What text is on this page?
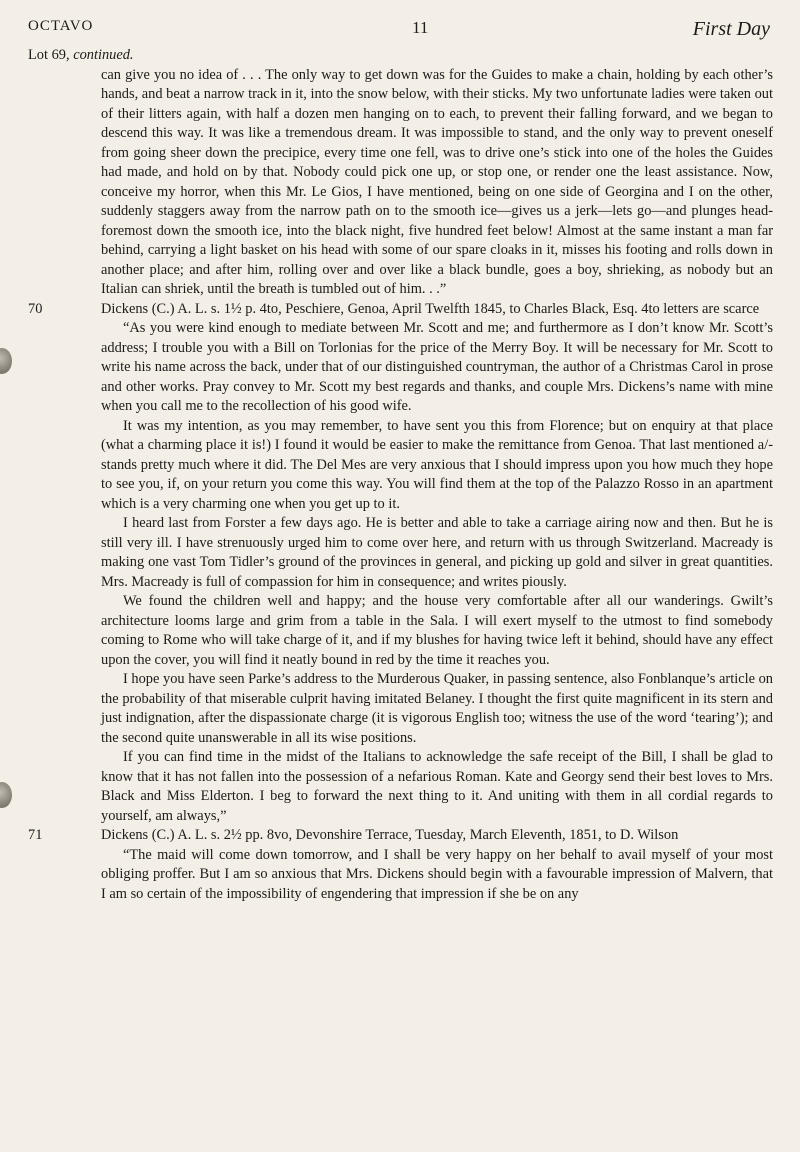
OCTAVO	11	First Day
Lot 69, continued.
can give you no idea of . . . The only way to get down was for the Guides to make a chain, holding by each other’s hands, and beat a narrow track in it, into the snow below, with their sticks. My two unfortunate ladies were taken out of their litters again, with half a dozen men hanging on to each, to prevent their falling forward, and we began to descend this way. It was like a tremendous dream. It was impossible to stand, and the only way to prevent oneself from going sheer down the precipice, every time one fell, was to drive one’s stick into one of the holes the Guides had made, and hold on by that. Nobody could pick one up, or stop one, or render one the least assistance. Now, conceive my horror, when this Mr. Le Gios, I have mentioned, being on one side of Georgina and I on the other, suddenly staggers away from the narrow path on to the smooth ice—gives us a jerk—lets go—and plunges head-foremost down the smooth ice, into the black night, five hundred feet below! Almost at the same instant a man far behind, carrying a light basket on his head with some of our spare cloaks in it, misses his footing and rolls down in another place; and after him, rolling over and over like a black bundle, goes a boy, shrieking, as nobody but an Italian can shriek, until the breath is tumbled out of him. . .”
70	Dickens (C.) A. L. s. 1½ p. 4to, Peschiere, Genoa, April Twelfth 1845, to Charles Black, Esq. 4to letters are scarce

“As you were kind enough to mediate between Mr. Scott and me; and furthermore as I don’t know Mr. Scott’s address; I trouble you with a Bill on Torlonias for the price of the Merry Boy. It will be necessary for Mr. Scott to write his name across the back, under that of our distinguished countryman, the author of a Christmas Carol in prose and other works. Pray convey to Mr. Scott my best regards and thanks, and couple Mrs. Dickens’s name with mine when you call me to the recollection of his good wife.

It was my intention, as you may remember, to have sent you this from Florence; but on enquiry at that place (what a charming place it is!) I found it would be easier to make the remittance from Genoa. That last mentioned a/- stands pretty much where it did. The Del Mes are very anxious that I should impress upon you how much they hope to see you, if, on your return you come this way. You will find them at the top of the Palazzo Rosso in an apartment which is a very charming one when you get up to it.

I heard last from Forster a few days ago. He is better and able to take a carriage airing now and then. But he is still very ill. I have strenuously urged him to come over here, and return with us through Switzerland. Macready is making one vast Tom Tidler’s ground of the provinces in general, and picking up gold and silver in great quantities. Mrs. Macready is full of compassion for him in consequence; and writes piously.

We found the children well and happy; and the house very comfortable after all our wanderings. Gwilt’s architecture looms large and grim from a table in the Sala. I will exert myself to the utmost to find somebody coming to Rome who will take charge of it, and if my blushes for having twice left it behind, should have any effect upon the cover, you will find it neatly bound in red by the time it reaches you.

I hope you have seen Parke’s address to the Murderous Quaker, in passing sentence, also Fonblanque’s article on the probability of that miserable culprit having imitated Belaney. I thought the first quite magnificent in its stern and just indignation, after the dispassionate charge (it is vigorous English too; witness the use of the word ‘tearing’); and the second quite unanswerable in all its wise positions.

If you can find time in the midst of the Italians to acknowledge the safe receipt of the Bill, I shall be glad to know that it has not fallen into the possession of a nefarious Roman. Kate and Georgy send their best loves to Mrs. Black and Miss Elderton. I beg to forward the next thing to it. And uniting with them in all cordial regards to yourself, am always,”

71	Dickens (C.) A. L. s. 2½ pp. 8vo, Devonshire Terrace, Tuesday, March Eleventh, 1851, to D. Wilson

“The maid will come down tomorrow, and I shall be very happy on her behalf to avail myself of your most obliging proffer. But I am so anxious that Mrs. Dickens should begin with a favourable impression of Malvern, that I am so certain of the impossibility of engendering that impression if she be on any
